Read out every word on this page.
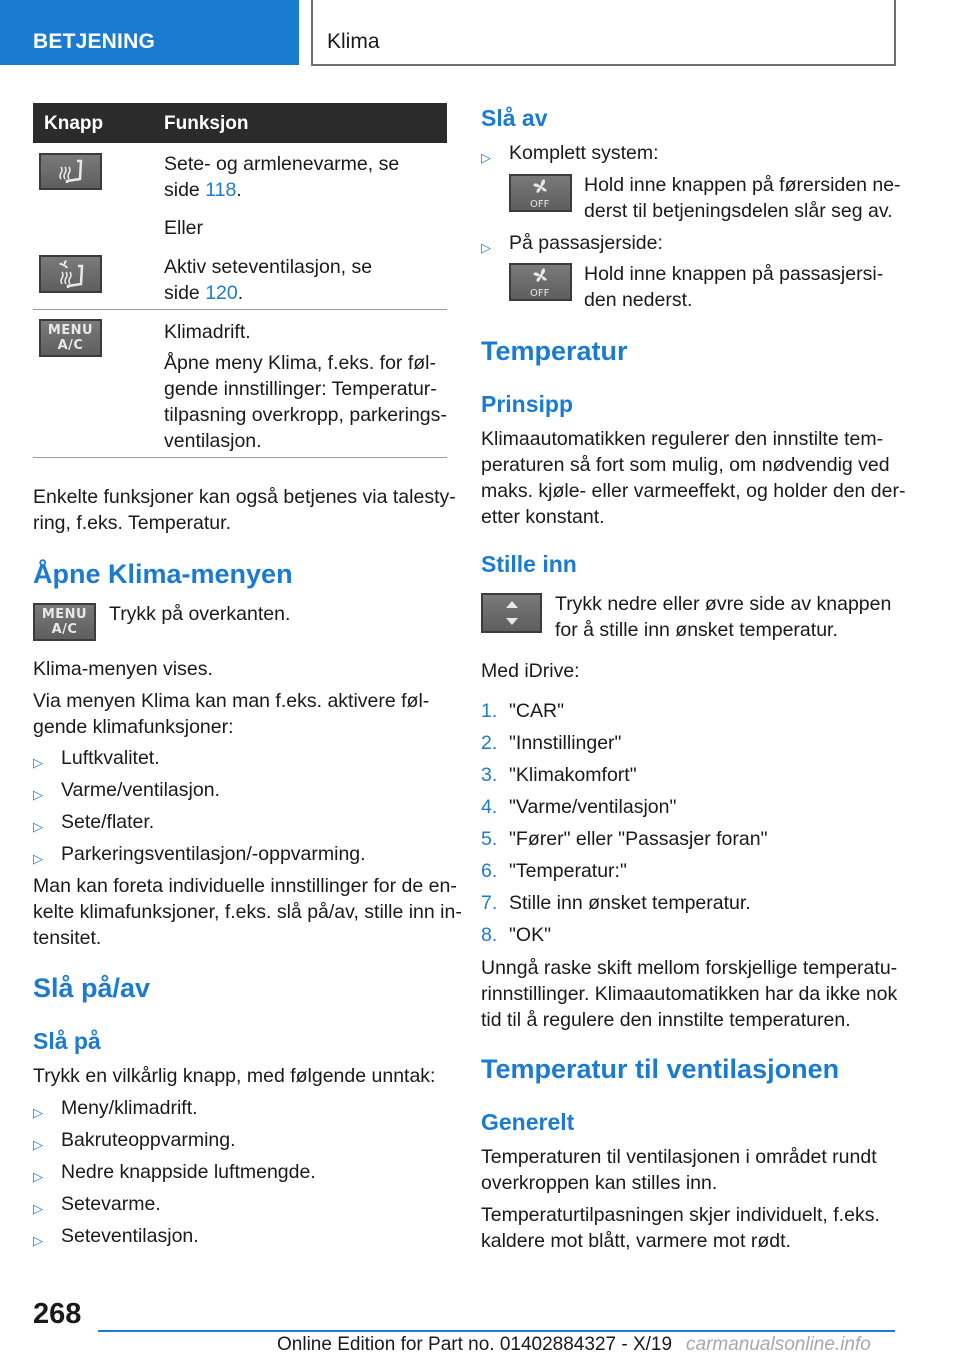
BETJENING	Klima
Knapp	Funksjon

Sete- og armlenevarme, se

side 118.

Eller

Aktiv seteventilasjon, se

side 120.

MENU
A/C

Klimadrift.

Åpne meny Klima, f.eks. for føl-

gende innstillinger: Temperatur-

tilpasning overkropp, parkerings-

ventilasjon.

Enkelte funksjoner kan også betjenes via talesty-

ring, f.eks. Temperatur.

Åpne Klima-menyen
MENU
A/C

Trykk på overkanten.

Klima-menyen vises.

Via menyen Klima kan man f.eks. aktivere føl-

gende klimafunksjoner:

▷ Luftkvalitet.
▷ Varme/ventilasjon.
▷ Sete/flater.
▷ Parkeringsventilasjon/-oppvarming.

Man kan foreta individuelle innstillinger for de en-

kelte klimafunksjoner, f.eks. slå på/av, stille inn in-

tensitet.

Slå på/av
Slå på

Trykk en vilkårlig knapp, med følgende unntak:

▷ Meny/klimadrift.
▷ Bakruteoppvarming.
▷ Nedre knappside luftmengde.
▷ Setevarme.
▷ Seteventilasjon.
Slå av
▷ Komplett system:
OFF

Hold inne knappen på førersiden ne-

derst til betjeningsdelen slår seg av.

▷ På passasjerside:
OFF

Hold inne knappen på passasjersi-

den nederst.

Temperatur
Prinsipp

Klimaautomatikken regulerer den innstilte tem-

peraturen så fort som mulig, om nødvendig ved

maks. kjøle- eller varmeeffekt, og holder den der-

etter konstant.

Stille inn

Trykk nedre eller øvre side av knappen

for å stille inn ønsket temperatur.

Med iDrive:

1. "CAR"
2. "Innstillinger"
3. "Klimakomfort"
4. "Varme/ventilasjon"
5. "Fører" eller "Passasjer foran"
6. "Temperatur:"
7. Stille inn ønsket temperatur.
8. "OK"

Unngå raske skift mellom forskjellige temperatu-

rinnstillinger. Klimaautomatikken har da ikke nok

tid til å regulere den innstilte temperaturen.

Temperatur til ventilasjonen
Generelt

Temperaturen til ventilasjonen i området rundt

overkroppen kan stilles inn.

Temperaturtilpasningen skjer individuelt, f.eks.

kaldere mot blått, varmere mot rødt.

268
Online Edition for Part no. 01402884327 - X/19 carmanualsonline.info
